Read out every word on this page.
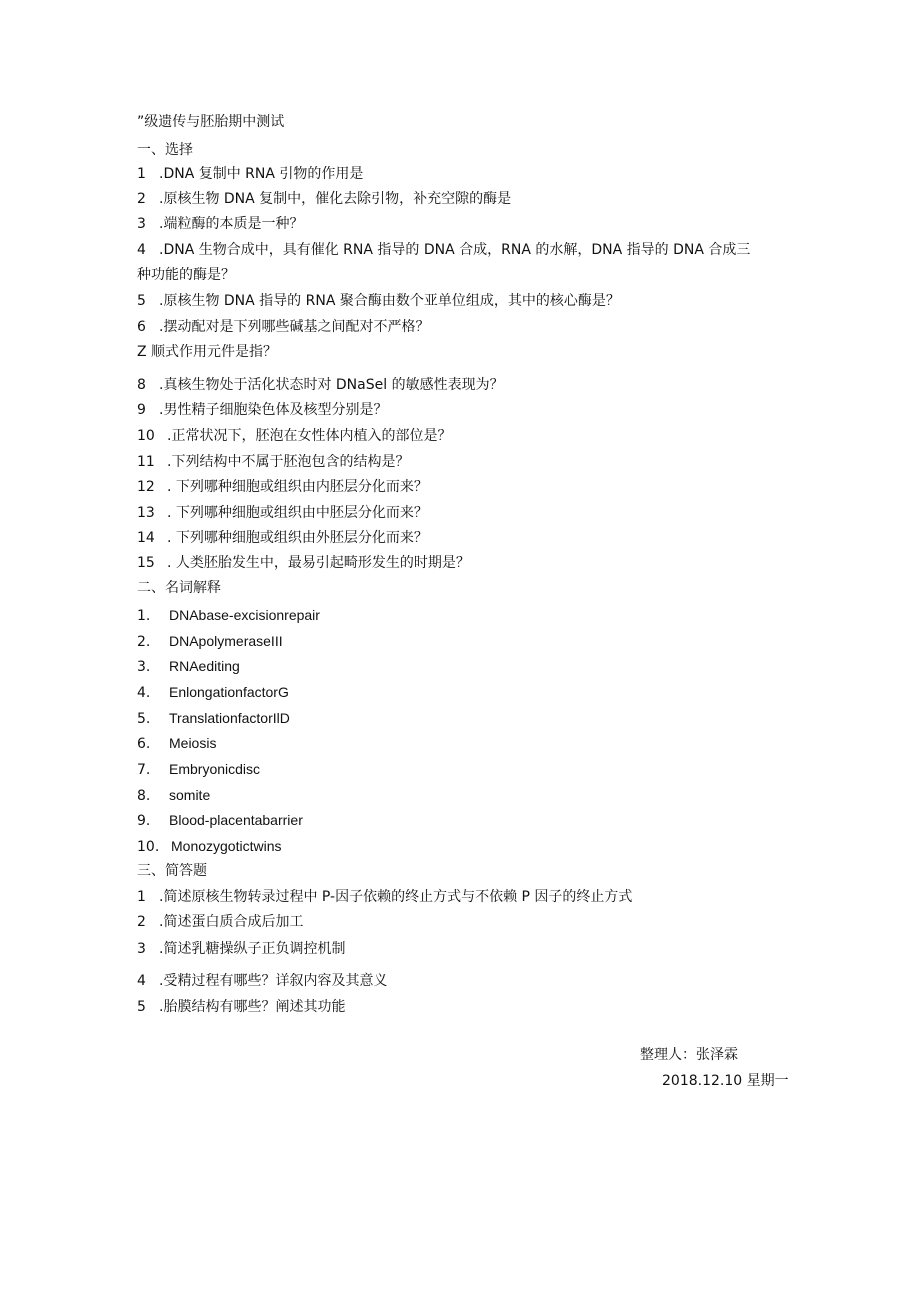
”级遗传与胚胎期中测试
一、选择
1 .DNA 复制中 RNA 引物的作用是
2 .原核生物 DNA 复制中，催化去除引物，补充空隙的酶是
3 .端粒酶的本质是一种？
4 .DNA 生物合成中，具有催化 RNA 指导的 DNA 合成，RNA 的水解，DNA 指导的 DNA 合成三
种功能的酶是？
5 .原核生物 DNA 指导的 RNA 聚合酶由数个亚单位组成，其中的核心酶是？
6 .摆动配对是下列哪些碱基之间配对不严格？
Z 顺式作用元件是指？
8 .真核生物处于活化状态时对 DNaSel 的敏感性表现为？
9 .男性精子细胞染色体及核型分别是？
10 .正常状况下，胚泡在女性体内植入的部位是？
11 .下列结构中不属于胚泡包含的结构是？
12 . 下列哪种细胞或组织由内胚层分化而来？
13 . 下列哪种细胞或组织由中胚层分化而来？
14 . 下列哪种细胞或组织由外胚层分化而来？
15 . 人类胚胎发生中，最易引起畸形发生的时期是？
二、名词解释
1. DNAbase-excisionrepair
2. DNApolymeraseIII
3. RNAediting
4. EnlongationfactorG
5. TranslationfactorIlD
6. Meiosis
7. Embryonicdisc
8. somite
9. Blood-placentabarrier
10. Monozygotictwins
三、简答题
1 .简述原核生物转录过程中 P-因子依赖的终止方式与不依赖 P 因子的终止方式
2 .简述蛋白质合成后加工
3 .简述乳糖操纵子正负调控机制
4 .受精过程有哪些？详叙内容及其意义
5 .胎膜结构有哪些？阐述其功能
整理人：张泽霖
2018.12.10 星期一
